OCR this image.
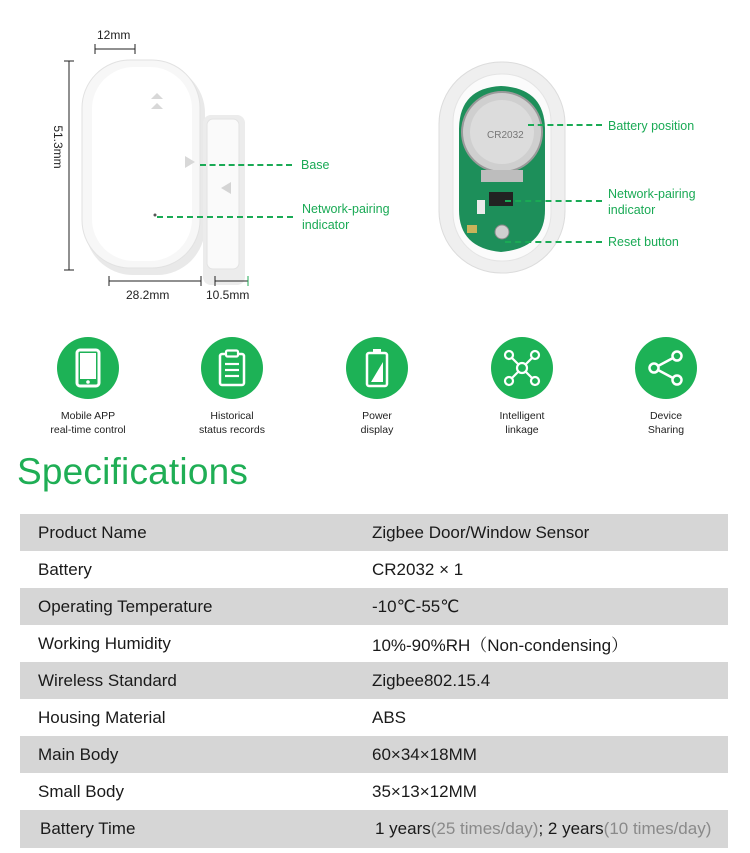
12mm
51.3mm
28.2mm	10.5mm
Base
Network-pairing
indicator
CR2032
Battery position
Network-pairing
indicator
Reset button
Mobile APP
real-time control
Historical
status records
Power
display
Intelligent
linkage
Device
Sharing
Specifications
Product Name	Zigbee Door/Window Sensor
Battery	CR2032 × 1
Operating Temperature	-10℃-55℃
Working Humidity	10%-90%RH（Non-condensing）
Wireless Standard	Zigbee802.15.4
Housing Material	ABS
Main Body	60×34×18MM
Small Body	35×13×12MM
Battery Time	1 years(25 times/day); 2 years(10 times/day)
